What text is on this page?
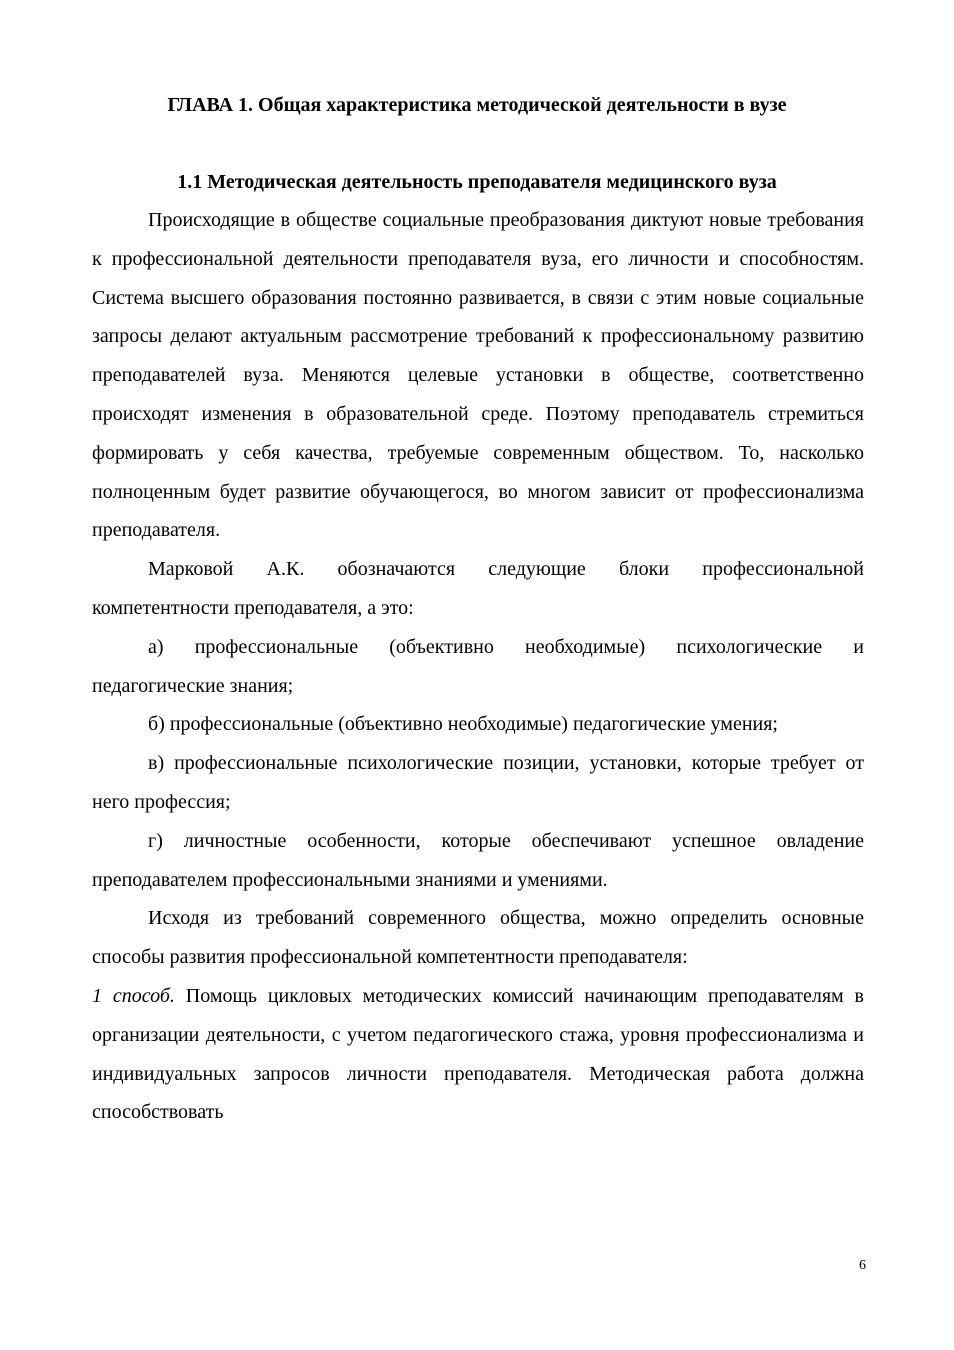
ГЛАВА 1. Общая характеристика методической деятельности в вузе
1.1 Методическая деятельность преподавателя медицинского вуза

Происходящие в обществе социальные преобразования диктуют новые требования к профессиональной деятельности преподавателя вуза, его личности и способностям. Система высшего образования постоянно развивается, в связи с этим новые социальные запросы делают актуальным рассмотрение требований к профессиональному развитию преподавателей вуза. Меняются целевые установки в обществе, соответственно происходят изменения в образовательной среде. Поэтому преподаватель стремиться формировать у себя качества, требуемые современным обществом. То, насколько полноценным будет развитие обучающегося, во многом зависит от профессионализма преподавателя.

Марковой А.К. обозначаются следующие блоки профессиональной компетентности преподавателя, а это:

а) профессиональные (объективно необходимые) психологические и педагогические знания;

б) профессиональные (объективно необходимые) педагогические умения;

в) профессиональные психологические позиции, установки, которые требует от него профессия;

г) личностные особенности, которые обеспечивают успешное овладение преподавателем профессиональными знаниями и умениями.

Исходя из требований современного общества, можно определить основные способы развития профессиональной компетентности преподавателя:

1 способ. Помощь цикловых методических комиссий начинающим преподавателям в организации деятельности, с учетом педагогического стажа, уровня профессионализма и индивидуальных запросов личности преподавателя. Методическая работа должна способствовать

6
